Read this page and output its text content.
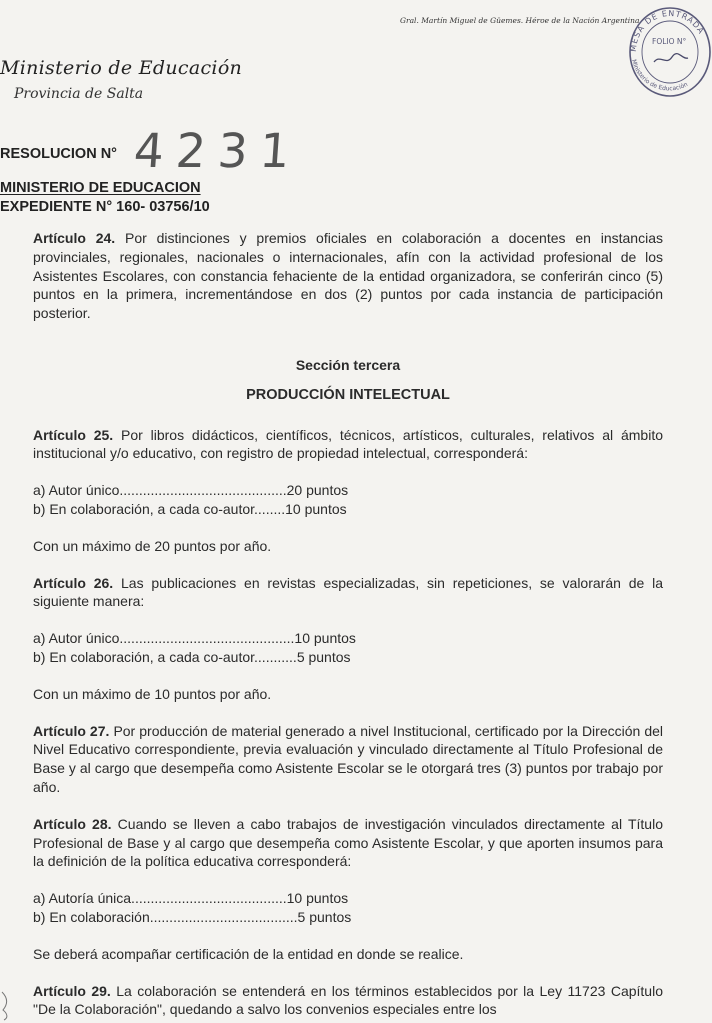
Gral. Martín Miguel de Güemes. Héroe de la Nación Argentina
Ministerio de Educación
Provincia de Salta
MESA DE ENTRADA
FOLIO N°
Ministerio de Educación
RESOLUCION N° 4231
MINISTERIO DE EDUCACION
EXPEDIENTE N° 160- 03756/10

Artículo 24. Por distinciones y premios oficiales en colaboración a docentes en instancias provinciales, regionales, nacionales o internacionales, afín con la actividad profesional de los Asistentes Escolares, con constancia fehaciente de la entidad organizadora, se conferirán cinco (5) puntos en la primera, incrementándose en dos (2) puntos por cada instancia de participación posterior.

Sección tercera

PRODUCCIÓN INTELECTUAL

Artículo 25. Por libros didácticos, científicos, técnicos, artísticos, culturales, relativos al ámbito institucional y/o educativo, con registro de propiedad intelectual, corresponderá:

a) Autor único...........................................20 puntos

b) En colaboración, a cada co-autor........10 puntos

Con un máximo de 20 puntos por año.

Artículo 26. Las publicaciones en revistas especializadas, sin repeticiones, se valorarán de la siguiente manera:

a) Autor único.............................................10 puntos

b) En colaboración, a cada co-autor...........5 puntos

Con un máximo de 10 puntos por año.

Artículo 27. Por producción de material generado a nivel Institucional, certificado por la Dirección del Nivel Educativo correspondiente, previa evaluación y vinculado directamente al Título Profesional de Base y al cargo que desempeña como Asistente Escolar se le otorgará tres (3) puntos por trabajo por año.

Artículo 28. Cuando se lleven a cabo trabajos de investigación vinculados directamente al Título Profesional de Base y al cargo que desempeña como Asistente Escolar, y que aporten insumos para la definición de la política educativa corresponderá:

a) Autoría única........................................10 puntos

b) En colaboración......................................5 puntos

Se deberá acompañar certificación de la entidad en donde se realice.

Artículo 29. La colaboración se entenderá en los términos establecidos por la Ley 11723 Capítulo "De la Colaboración", quedando a salvo los convenios especiales entre los
